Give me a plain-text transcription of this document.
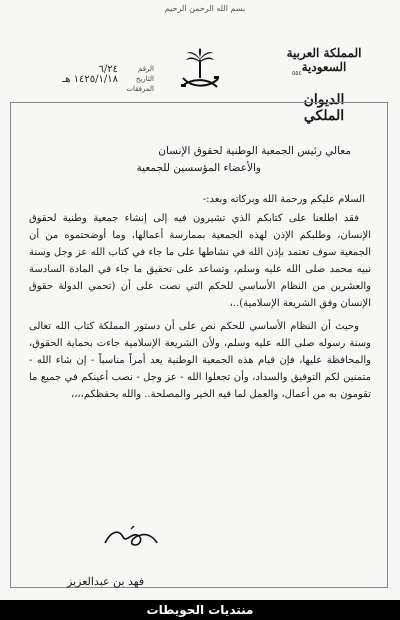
بسم الله الرحمن الرحيم
المملكة العربية السعودية
٥٥٤
الديوان الملكي
الرقم
٦/٢٤
التاريخ
١٤٢٥/١/١٨ هـ
المرفقات

معالي رئيس الجمعية الوطنية لحقوق الإنسان

والأعضاء المؤسسين للجمعية

السلام عليكم ورحمة الله وبركاته وبعد:-

فقد اطلعنا على كتابكم الذي تشيرون فيه إلى إنشاء جمعية وطنية لحقوق الإنسان، وطلبكم الإذن لهذه الجمعية بممارسة أعمالها، وما أوضحتموه من أن الجمعية سوف تعتمد بإذن الله في نشاطها على ما جاء في كتاب الله عز وجل وسنة نبيه محمد صلى الله عليه وسلم، وتساعد على تحقيق ما جاء في المادة السادسة والعشرين من النظام الأساسي للحكم التي نصت على أن (تحمي الدولة حقوق الإنسان وفق الشريعة الإسلامية)..،

وحيث أن النظام الأساسي للحكم نص على أن دستور المملكة كتاب الله تعالى وسنة رسوله صلى الله عليه وسلم، ولأن الشريعة الإسلامية جاءت بحماية الحقوق، والمحافظة عليها، فإن قيام هذه الجمعية الوطنية يعد أمراً مناسباً - إن شاء الله - متمنين لكم التوفيق والسداد، وأن تجعلوا الله - عز وجل - نصب أعينكم في جميع ما تقومون به من أعمال، والعمل لما فيه الخير والمصلحة.. والله يحفظكم،،،،

فهد بن عبدالعزيز
منتديات الحويطات
